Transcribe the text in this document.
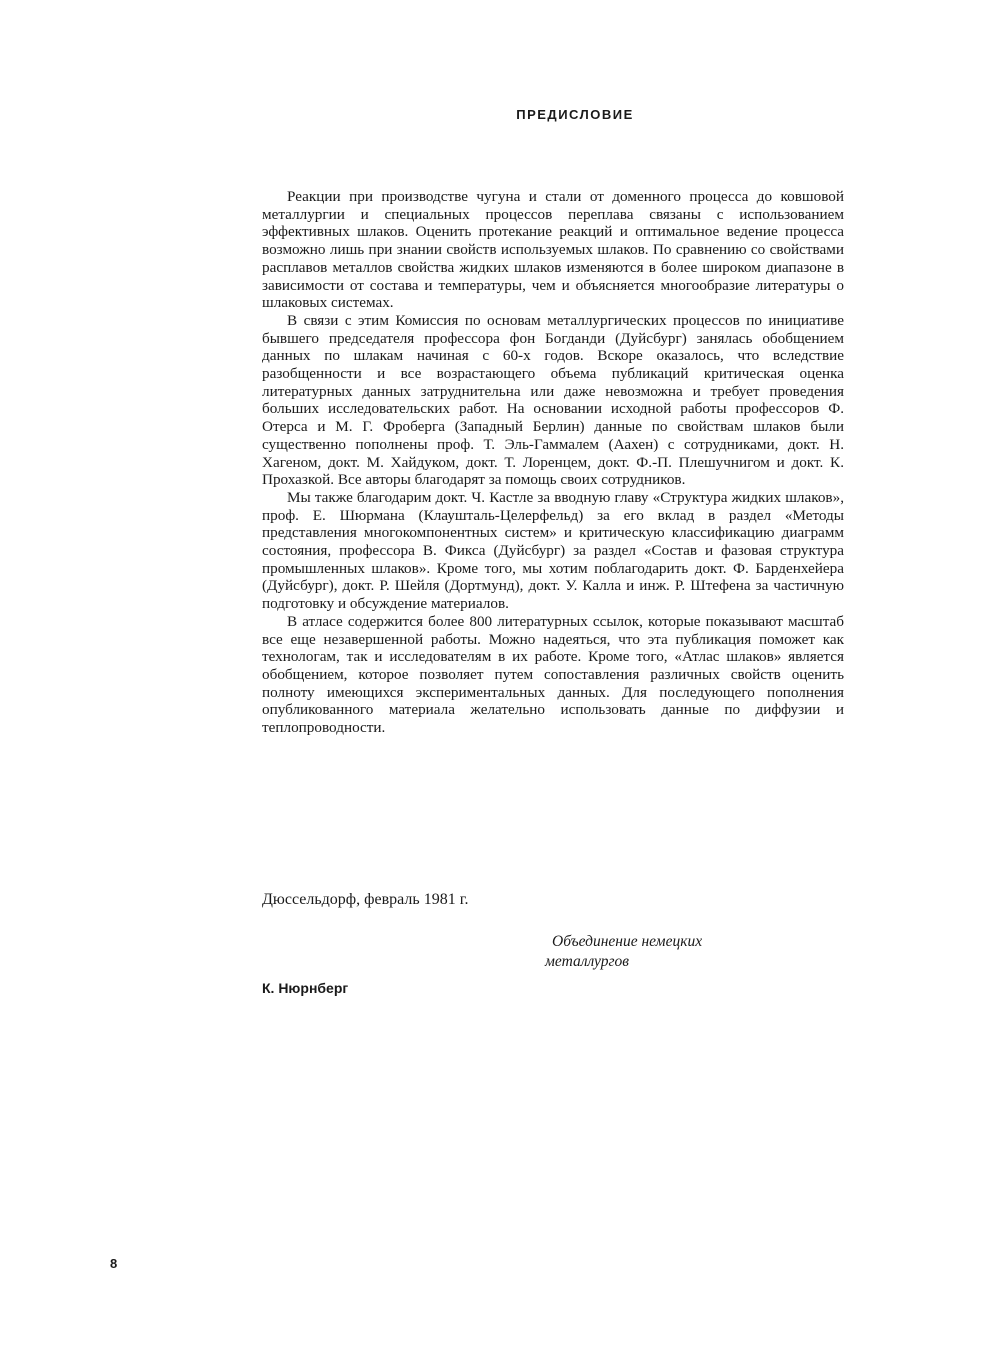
ПРЕДИСЛОВИЕ

Реакции при производстве чугуна и стали от доменного процесса до ковшовой металлургии и специальных процессов переплава связаны с использованием эффективных шлаков. Оценить протекание реакций и оптимальное ведение процесса возможно лишь при знании свойств используемых шлаков. По сравнению со свойствами расплавов металлов свойства жидких шлаков изменяются в более широком диапазоне в зависимости от состава и температуры, чем и объясняется многообразие литературы о шлаковых системах.

В связи с этим Комиссия по основам металлургических процессов по инициативе бывшего председателя профессора фон Богданди (Дуйсбург) занялась обобщением данных по шлакам начиная с 60-х годов. Вскоре оказалось, что вследствие разобщенности и все возрастающего объема публикаций критическая оценка литературных данных затруднительна или даже невозможна и требует проведения больших исследовательских работ. На основании исходной работы профессоров Ф. Отерса и М. Г. Фроберга (Западный Берлин) данные по свойствам шлаков были существенно пополнены проф. Т. Эль-Гаммалем (Аахен) с сотрудниками, докт. Н. Хагеном, докт. М. Хайдуком, докт. Т. Лоренцем, докт. Ф.-П. Плешучнигом и докт. К. Прохазкой. Все авторы благодарят за помощь своих сотрудников.

Мы также благодарим докт. Ч. Кастле за вводную главу «Структура жидких шлаков», проф. Е. Шюрмана (Клаушталь-Целерфельд) за его вклад в раздел «Методы представления многокомпонентных систем» и критическую классификацию диаграмм состояния, профессора В. Фикса (Дуйсбург) за раздел «Состав и фазовая структура промышленных шлаков». Кроме того, мы хотим поблагодарить докт. Ф. Барденхейера (Дуйсбург), докт. Р. Шейля (Дортмунд), докт. У. Калла и инж. Р. Штефена за частичную подготовку и обсуждение материалов.

В атласе содержится более 800 литературных ссылок, которые показывают масштаб все еще незавершенной работы. Можно надеяться, что эта публикация поможет как технологам, так и исследователям в их работе. Кроме того, «Атлас шлаков» является обобщением, которое позволяет путем сопоставления различных свойств оценить полноту имеющихся экспериментальных данных. Для последующего пополнения опубликованного материала желательно использовать данные по диффузии и теплопроводности.

Дюссельдорф, февраль 1981 г.
Объединение немецких
металлургов
К. Нюрнберг
8
